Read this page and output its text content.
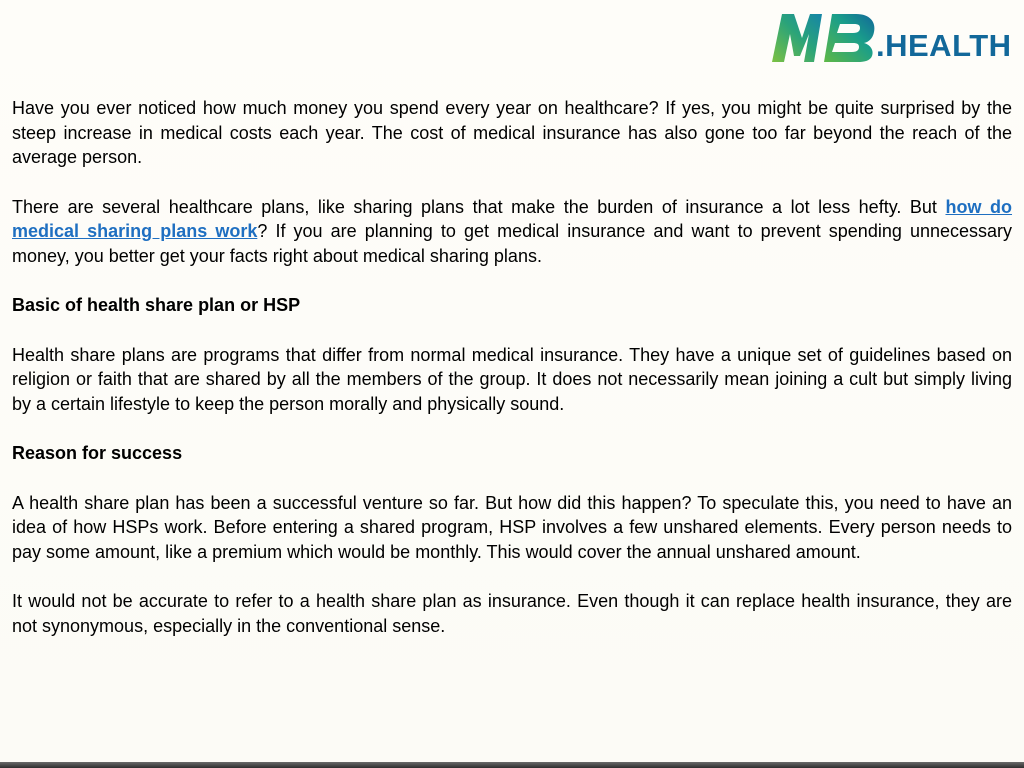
.HEALTH

Have you ever noticed how much money you spend every year on healthcare? If yes, you might be quite surprised by the steep increase in medical costs each year. The cost of medical insurance has also gone too far beyond the reach of the average person.

There are several healthcare plans, like sharing plans that make the burden of insurance a lot less hefty. But how do medical sharing plans work? If you are planning to get medical insurance and want to prevent spending unnecessary money, you better get your facts right about medical sharing plans.

Basic of health share plan or HSP

Health share plans are programs that differ from normal medical insurance. They have a unique set of guidelines based on religion or faith that are shared by all the members of the group. It does not necessarily mean joining a cult but simply living by a certain lifestyle to keep the person morally and physically sound.

Reason for success

A health share plan has been a successful venture so far. But how did this happen? To speculate this, you need to have an idea of how HSPs work. Before entering a shared program, HSP involves a few unshared elements. Every person needs to pay some amount, like a premium which would be monthly. This would cover the annual unshared amount.

It would not be accurate to refer to a health share plan as insurance. Even though it can replace health insurance, they are not synonymous, especially in the conventional sense.
